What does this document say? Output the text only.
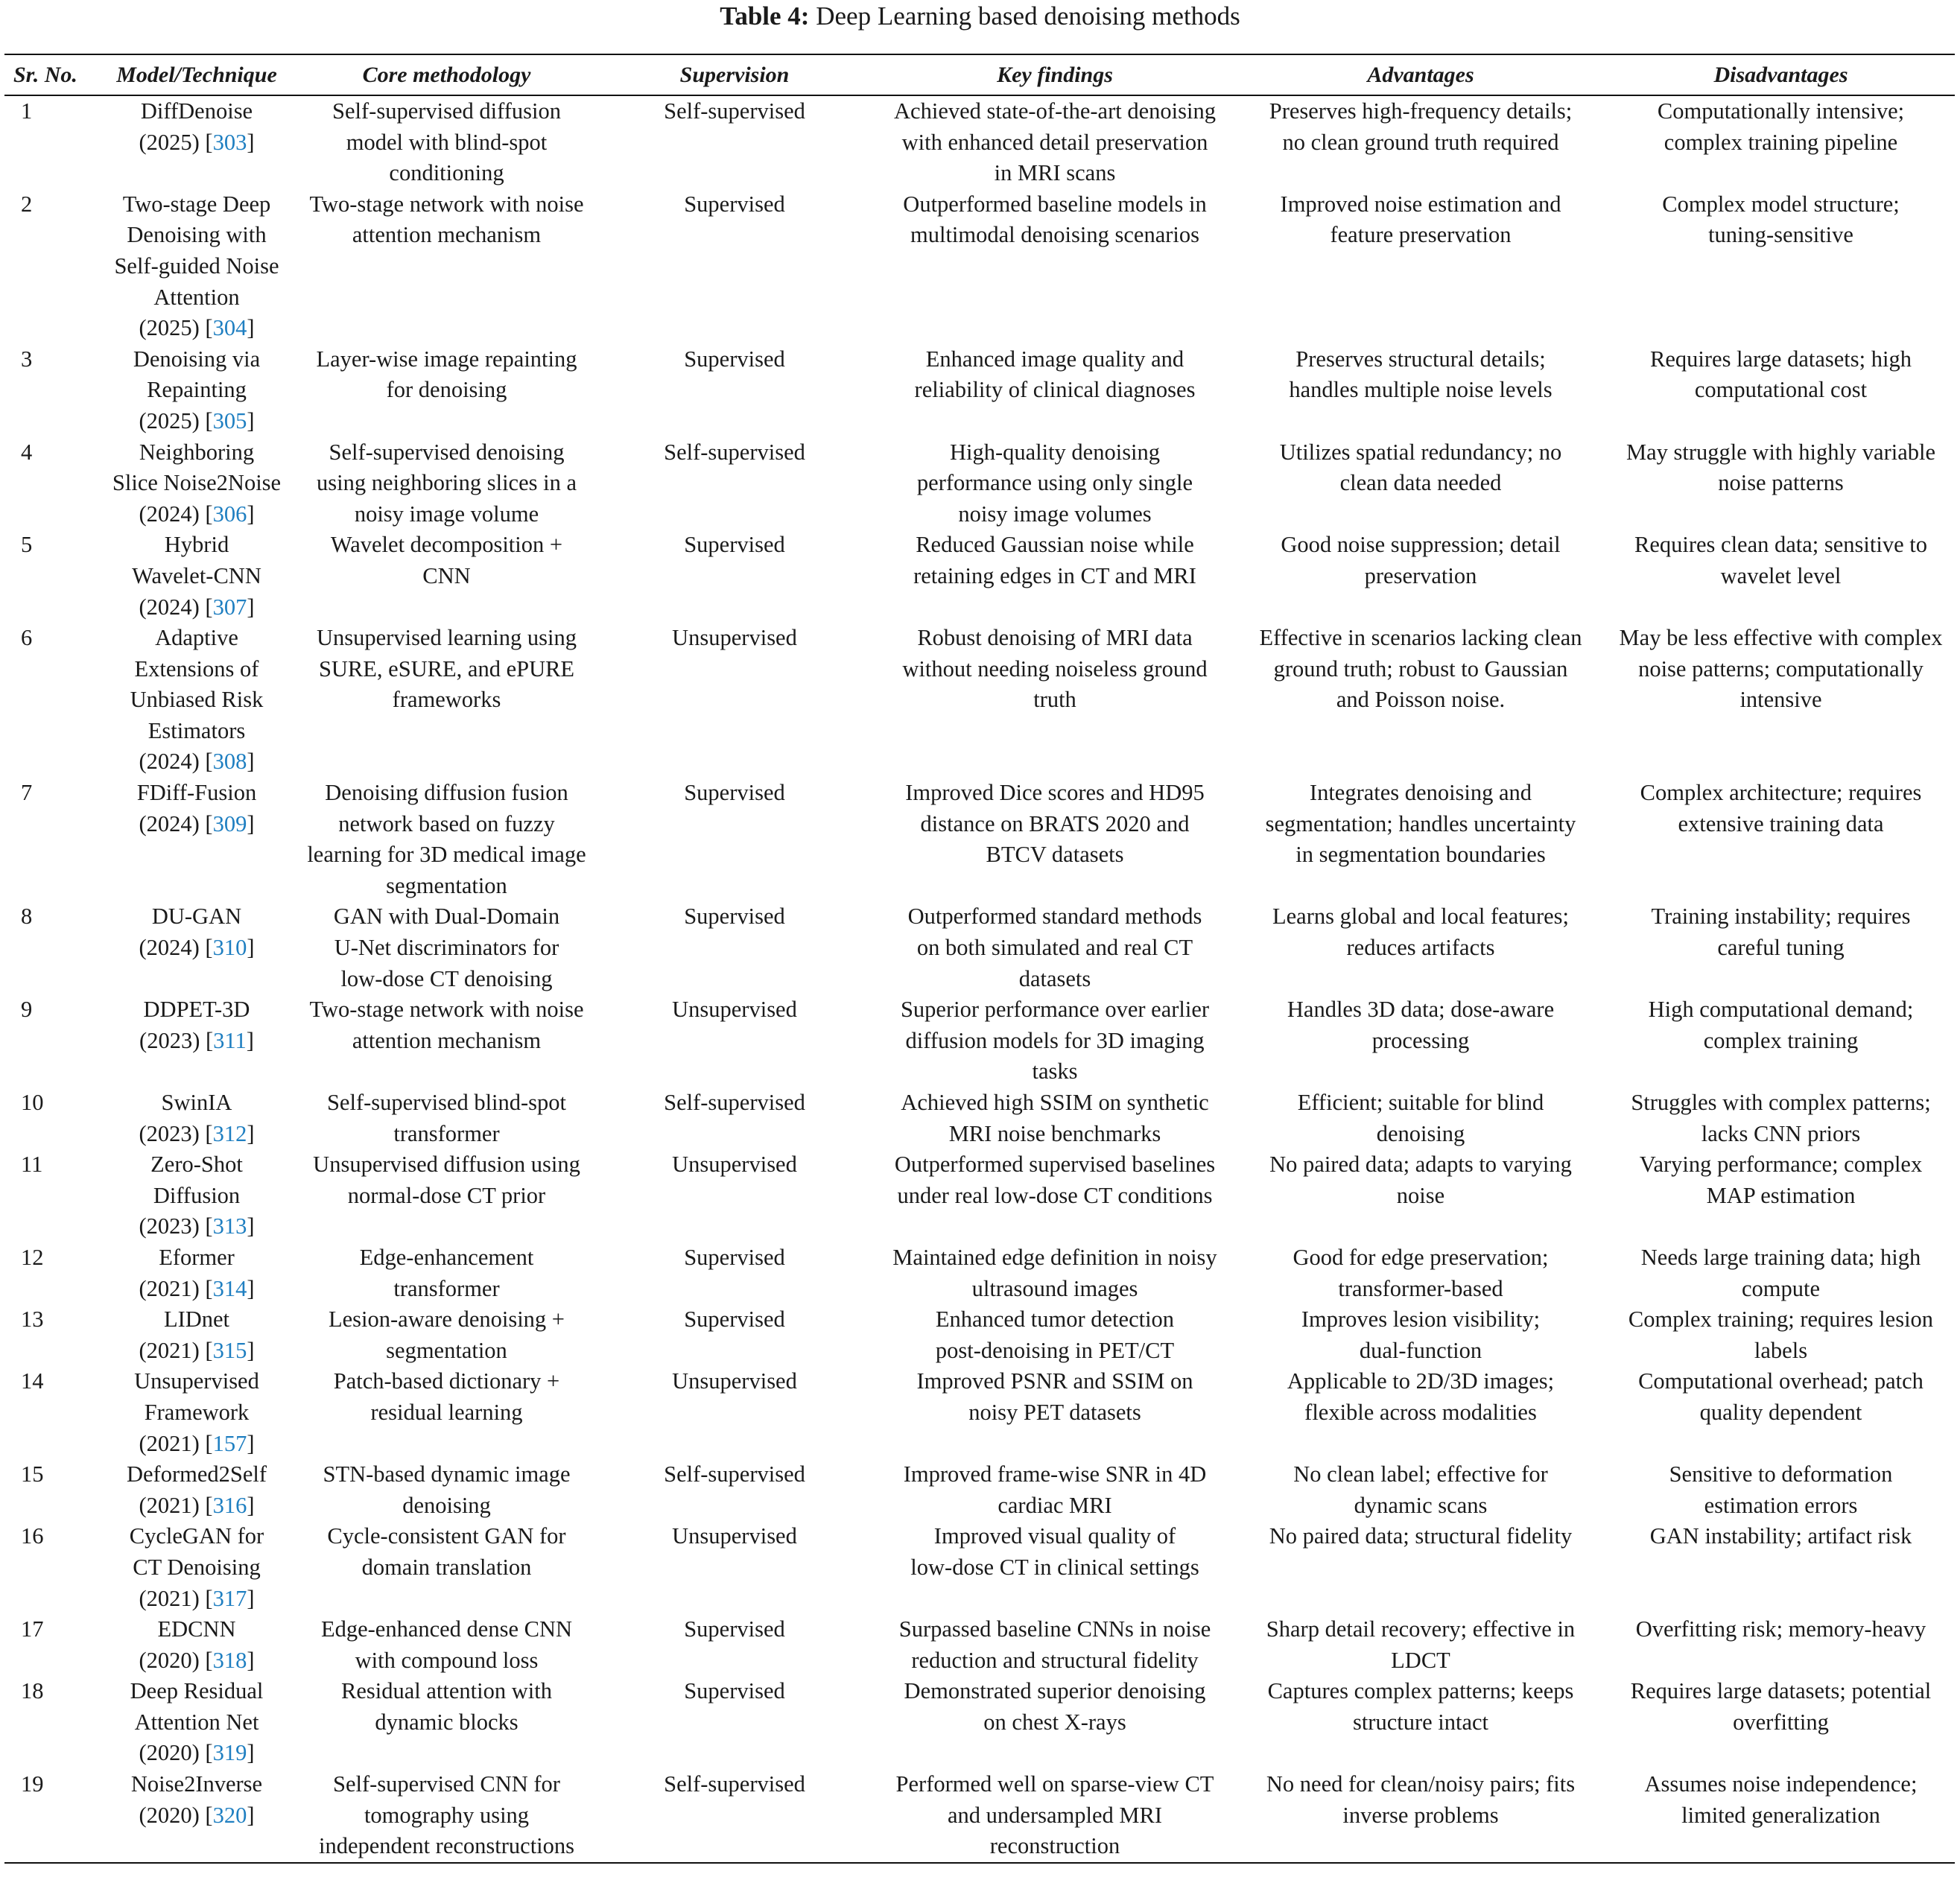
Table 4: Deep Learning based denoising methods
Sr. No.	Model/Technique	Core methodology	Supervision	Key findings	Advantages	Disadvantages
1	DiffDenoise
(2025) [303]	Self-supervised diffusion
model with blind-spot
conditioning	Self-supervised	Achieved state-of-the-art denoising
with enhanced detail preservation
in MRI scans	Preserves high-frequency details;
no clean ground truth required	Computationally intensive;
complex training pipeline
2	Two-stage Deep
Denoising with
Self-guided Noise
Attention
(2025) [304]	Two-stage network with noise
attention mechanism	Supervised	Outperformed baseline models in
multimodal denoising scenarios	Improved noise estimation and
feature preservation	Complex model structure;
tuning-sensitive
3	Denoising via
Repainting
(2025) [305]	Layer-wise image repainting
for denoising	Supervised	Enhanced image quality and
reliability of clinical diagnoses	Preserves structural details;
handles multiple noise levels	Requires large datasets; high
computational cost
4	Neighboring
Slice Noise2Noise
(2024) [306]	Self-supervised denoising
using neighboring slices in a
noisy image volume	Self-supervised	High-quality denoising
performance using only single
noisy image volumes	Utilizes spatial redundancy; no
clean data needed	May struggle with highly variable
noise patterns
5	Hybrid
Wavelet-CNN
(2024) [307]	Wavelet decomposition +
CNN	Supervised	Reduced Gaussian noise while
retaining edges in CT and MRI	Good noise suppression; detail
preservation	Requires clean data; sensitive to
wavelet level
6	Adaptive
Extensions of
Unbiased Risk
Estimators
(2024) [308]	Unsupervised learning using
SURE, eSURE, and ePURE
frameworks	Unsupervised	Robust denoising of MRI data
without needing noiseless ground
truth	Effective in scenarios lacking clean
ground truth; robust to Gaussian
and Poisson noise.	May be less effective with complex
noise patterns; computationally
intensive
7	FDiff-Fusion
(2024) [309]	Denoising diffusion fusion
network based on fuzzy
learning for 3D medical image
segmentation	Supervised	Improved Dice scores and HD95
distance on BRATS 2020 and
BTCV datasets	Integrates denoising and
segmentation; handles uncertainty
in segmentation boundaries	Complex architecture; requires
extensive training data
8	DU-GAN
(2024) [310]	GAN with Dual-Domain
U-Net discriminators for
low-dose CT denoising	Supervised	Outperformed standard methods
on both simulated and real CT
datasets	Learns global and local features;
reduces artifacts	Training instability; requires
careful tuning
9	DDPET-3D
(2023) [311]	Two-stage network with noise
attention mechanism	Unsupervised	Superior performance over earlier
diffusion models for 3D imaging
tasks	Handles 3D data; dose-aware
processing	High computational demand;
complex training
10	SwinIA
(2023) [312]	Self-supervised blind-spot
transformer	Self-supervised	Achieved high SSIM on synthetic
MRI noise benchmarks	Efficient; suitable for blind
denoising	Struggles with complex patterns;
lacks CNN priors
11	Zero-Shot
Diffusion
(2023) [313]	Unsupervised diffusion using
normal-dose CT prior	Unsupervised	Outperformed supervised baselines
under real low-dose CT conditions	No paired data; adapts to varying
noise	Varying performance; complex
MAP estimation
12	Eformer
(2021) [314]	Edge-enhancement
transformer	Supervised	Maintained edge definition in noisy
ultrasound images	Good for edge preservation;
transformer-based	Needs large training data; high
compute
13	LIDnet
(2021) [315]	Lesion-aware denoising +
segmentation	Supervised	Enhanced tumor detection
post-denoising in PET/CT	Improves lesion visibility;
dual-function	Complex training; requires lesion
labels
14	Unsupervised
Framework
(2021) [157]	Patch-based dictionary +
residual learning	Unsupervised	Improved PSNR and SSIM on
noisy PET datasets	Applicable to 2D/3D images;
flexible across modalities	Computational overhead; patch
quality dependent
15	Deformed2Self
(2021) [316]	STN-based dynamic image
denoising	Self-supervised	Improved frame-wise SNR in 4D
cardiac MRI	No clean label; effective for
dynamic scans	Sensitive to deformation
estimation errors
16	CycleGAN for
CT Denoising
(2021) [317]	Cycle-consistent GAN for
domain translation	Unsupervised	Improved visual quality of
low-dose CT in clinical settings	No paired data; structural fidelity	GAN instability; artifact risk
17	EDCNN
(2020) [318]	Edge-enhanced dense CNN
with compound loss	Supervised	Surpassed baseline CNNs in noise
reduction and structural fidelity	Sharp detail recovery; effective in
LDCT	Overfitting risk; memory-heavy
18	Deep Residual
Attention Net
(2020) [319]	Residual attention with
dynamic blocks	Supervised	Demonstrated superior denoising
on chest X-rays	Captures complex patterns; keeps
structure intact	Requires large datasets; potential
overfitting
19	Noise2Inverse
(2020) [320]	Self-supervised CNN for
tomography using
independent reconstructions	Self-supervised	Performed well on sparse-view CT
and undersampled MRI
reconstruction	No need for clean/noisy pairs; fits
inverse problems	Assumes noise independence;
limited generalization
